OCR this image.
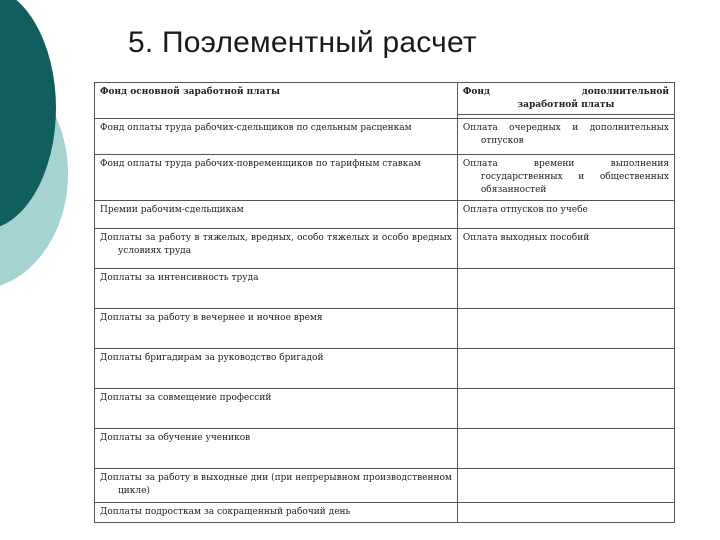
5. Поэлементный расчет
Фонд основной заработной платы	Фонд дополнительной
заработной платы

Фонд оплаты труда рабочих-сдельщиков по сдельным расценкам	Оплата очередных и дополнительных отпусков

Фонд оплаты труда рабочих-повременщиков по тарифным ставкам	Оплата времени выполнения государственных и общественных обязанностей

Премии рабочим-сдельщикам	Оплата отпусков по учебе

Доплаты за работу в тяжелых, вредных, особо тяжелых и особо вредных условиях труда	Оплата выходных пособий

Доплаты за интенсивность труда	

Доплаты за работу в вечернее и ночное время	

Доплаты бригадирам за руководство бригадой	

Доплаты за совмещение профессий	

Доплаты за обучение учеников	

Доплаты за работу в выходные дни (при непрерывном производственном цикле)	

Доплаты подросткам за сокращенный рабочий день	
